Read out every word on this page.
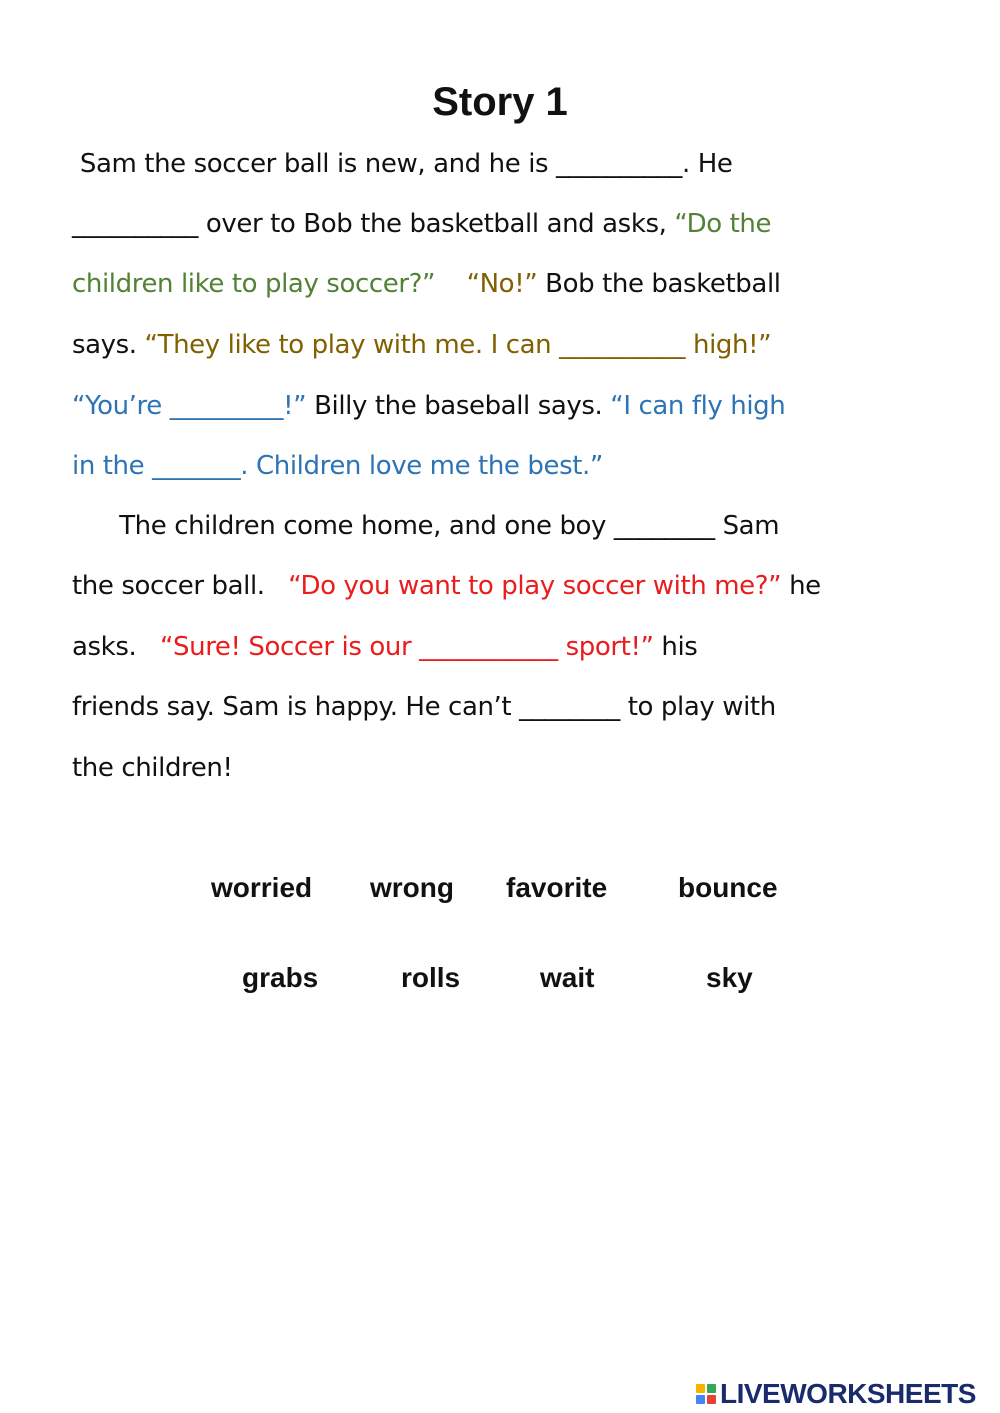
Story 1
Sam the soccer ball is new, and he is __________. He
__________ over to Bob the basketball and asks, “Do the
children like to play soccer?”    “No!” Bob the basketball
says. “They like to play with me. I can __________ high!”
“You’re _________!” Billy the baseball says. “I can fly high
in the _______. Children love me the best.”
The children come home, and one boy ________ Sam
the soccer ball.   “Do you want to play soccer with me?” he
asks.   “Sure! Soccer is our ___________ sport!” his
friends say. Sam is happy. He can’t ________ to play with
the children!
worried wrong favorite	bounce
grabs	rolls	wait	sky
LIVEWORKSHEETS
